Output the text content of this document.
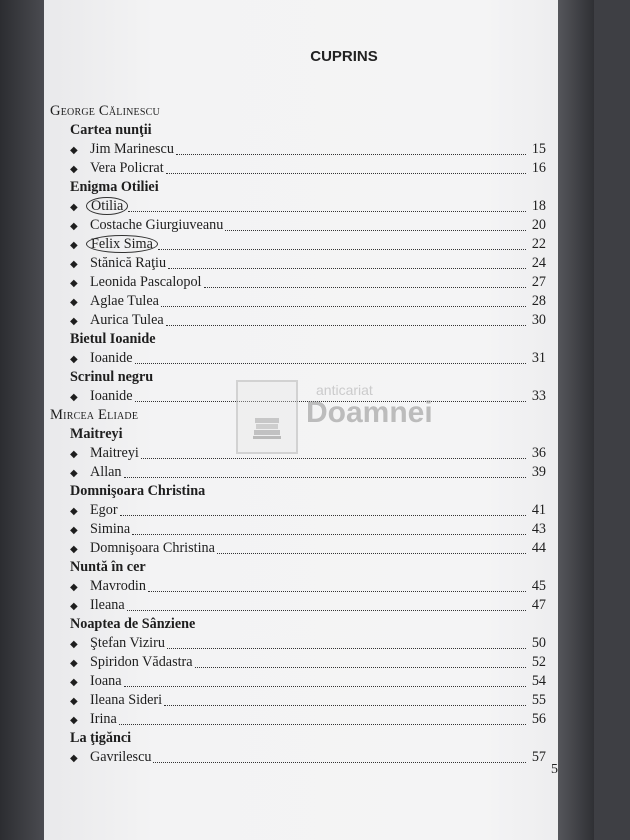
CUPRINS
George Călinescu
Cartea nunţii
◆ Jim Marinescu	15
◆ Vera Policrat	16
Enigma Otiliei
◆ Otilia	18
◆ Costache Giurgiuveanu	20
◆ Felix Sima	22
◆ Stănică Raţiu	24
◆ Leonida Pascalopol	27
◆ Aglae Tulea	28
◆ Aurica Tulea	30
Bietul Ioanide
◆ Ioanide	31
Scrinul negru
◆ Ioanide	33
Mircea Eliade
Maitreyi
◆ Maitreyi	36
◆ Allan	39
Domnişoara Christina
◆ Egor	41
◆ Simina	43
◆ Domnişoara Christina	44
Nuntă în cer
◆ Mavrodin	45
◆ Ileana	47
Noaptea de Sânziene
◆ Ştefan Viziru	50
◆ Spiridon Vădastra	52
◆ Ioana	54
◆ Ileana Sideri	55
◆ Irina	56
La ţigănci
◆ Gavrilescu	57
anticariat
Doamnei
5
